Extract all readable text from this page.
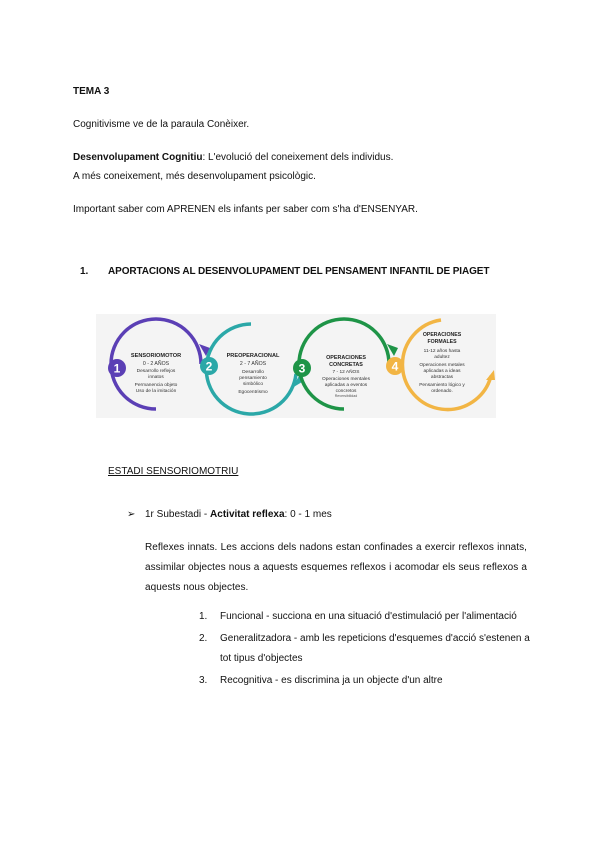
TEMA 3
Cognitivisme ve de la paraula Conèixer.
Desenvolupament Cognitiu: L'evolució del coneixement dels individus.
A més coneixement, més desenvolupament psicològic.
Important saber com APRENEN els infants per saber com s'ha d'ENSENYAR.
1. APORTACIONS AL DESENVOLUPAMENT DEL PENSAMENT INFANTIL DE PIAGET
1
SENSORIOMOTOR
0 - 2 AÑOS
Desarrollo reflejos
innatos
Permanencia objeto
Uso de la imitación
2
PREOPERACIONAL
2 - 7 AÑOS
Desarrollo
pensamiento
simbólico
Egocentrismo
3
OPERACIONES
CONCRETAS
7 - 12 AÑOS
Operaciones mentales
aplicadas a eventos
concretos
Reversibilidad
4
OPERACIONES
FORMALES
11-12 años hasta
adultez
Operaciones metales
aplicadas a ideas
abstractas
Pensamiento lógico y
ordenado.
ESTADI SENSORIOMOTRIU
➢ 1r Subestadi - Activitat reflexa: 0 - 1 mes
Reflexes innats. Les accions dels nadons estan confinades a exercir reflexos innats, assimilar objectes nous a aquests esquemes reflexos i acomodar els seus reflexos a aquests nous objectes.
1. Funcional - succiona en una situació d'estimulació per l'alimentació
2. Generalitzadora - amb les repeticions d'esquemes d'acció s'estenen a
tot tipus d'objectes
3. Recognitiva - es discrimina ja un objecte d'un altre
